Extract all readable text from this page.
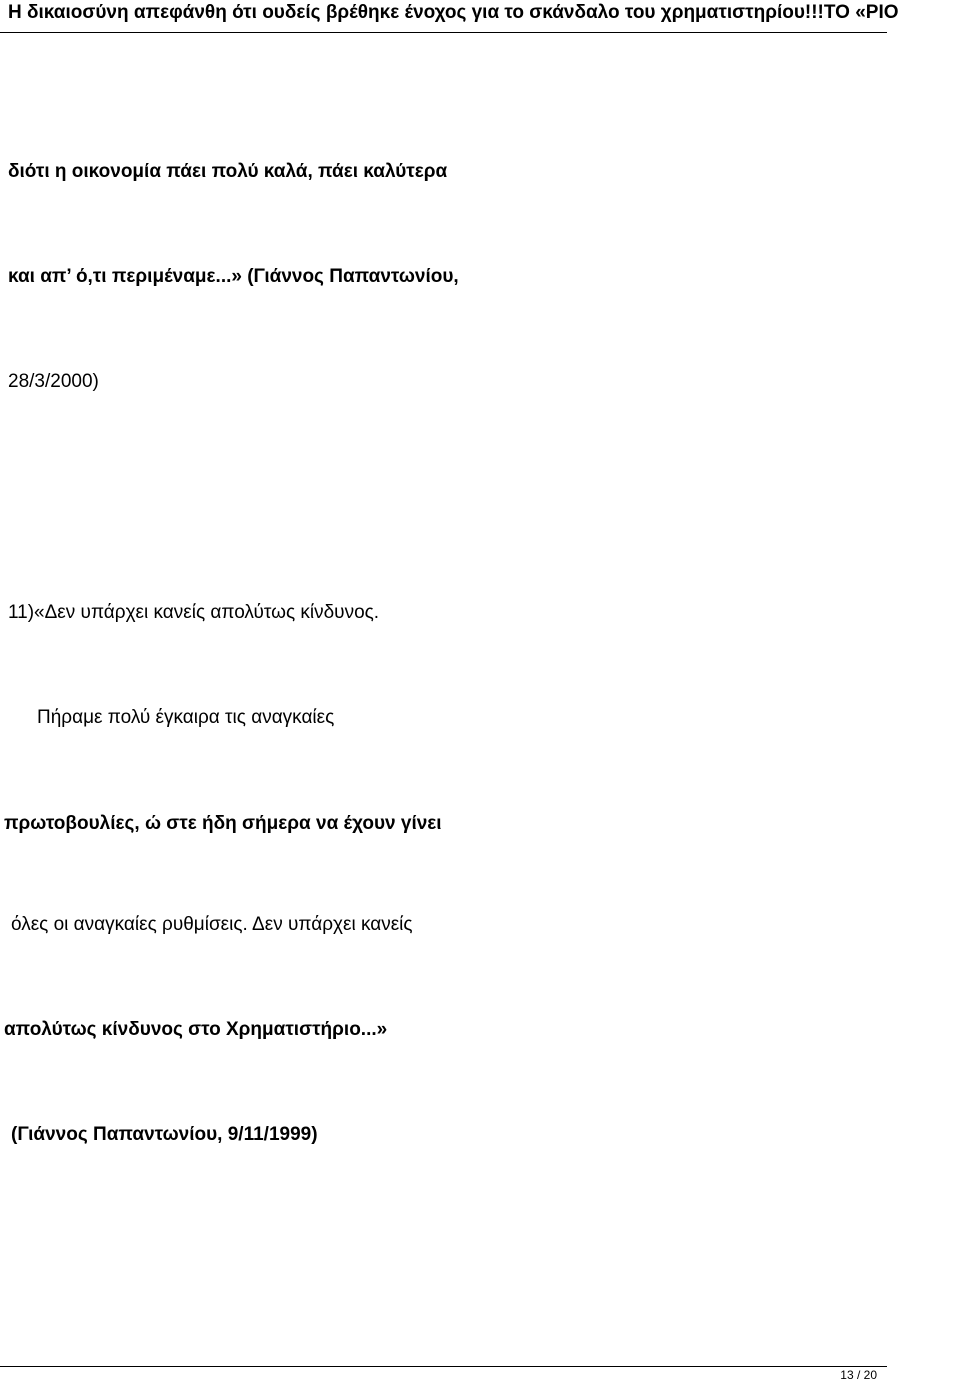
Η δικαιοσύνη απεφάνθη ότι ουδείς βρέθηκε ένοχος για το σκάνδαλο του χρηματιστηρίου!!!ΤΟ «ΡΙΟ
διότι η οικονομία πάει πολύ καλά, πάει καλύτερα
και απ’ ό,τι περιμέναμε...» (Γιάννος Παπαντωνίου,
28/3/2000)
11)«Δεν υπάρχει κανείς απολύτως κίνδυνος.
Πήραμε πολύ έγκαιρα τις αναγκαίες
πρωτοβουλίες, ώ στε ήδη σήμερα να έχουν γίνει
όλες οι αναγκαίες ρυθμίσεις. Δεν υπάρχει κανείς
απολύτως κίνδυνος στο Χρηματιστήριο...»
(Γιάννος Παπαντωνίου, 9/11/1999)
13 / 20
